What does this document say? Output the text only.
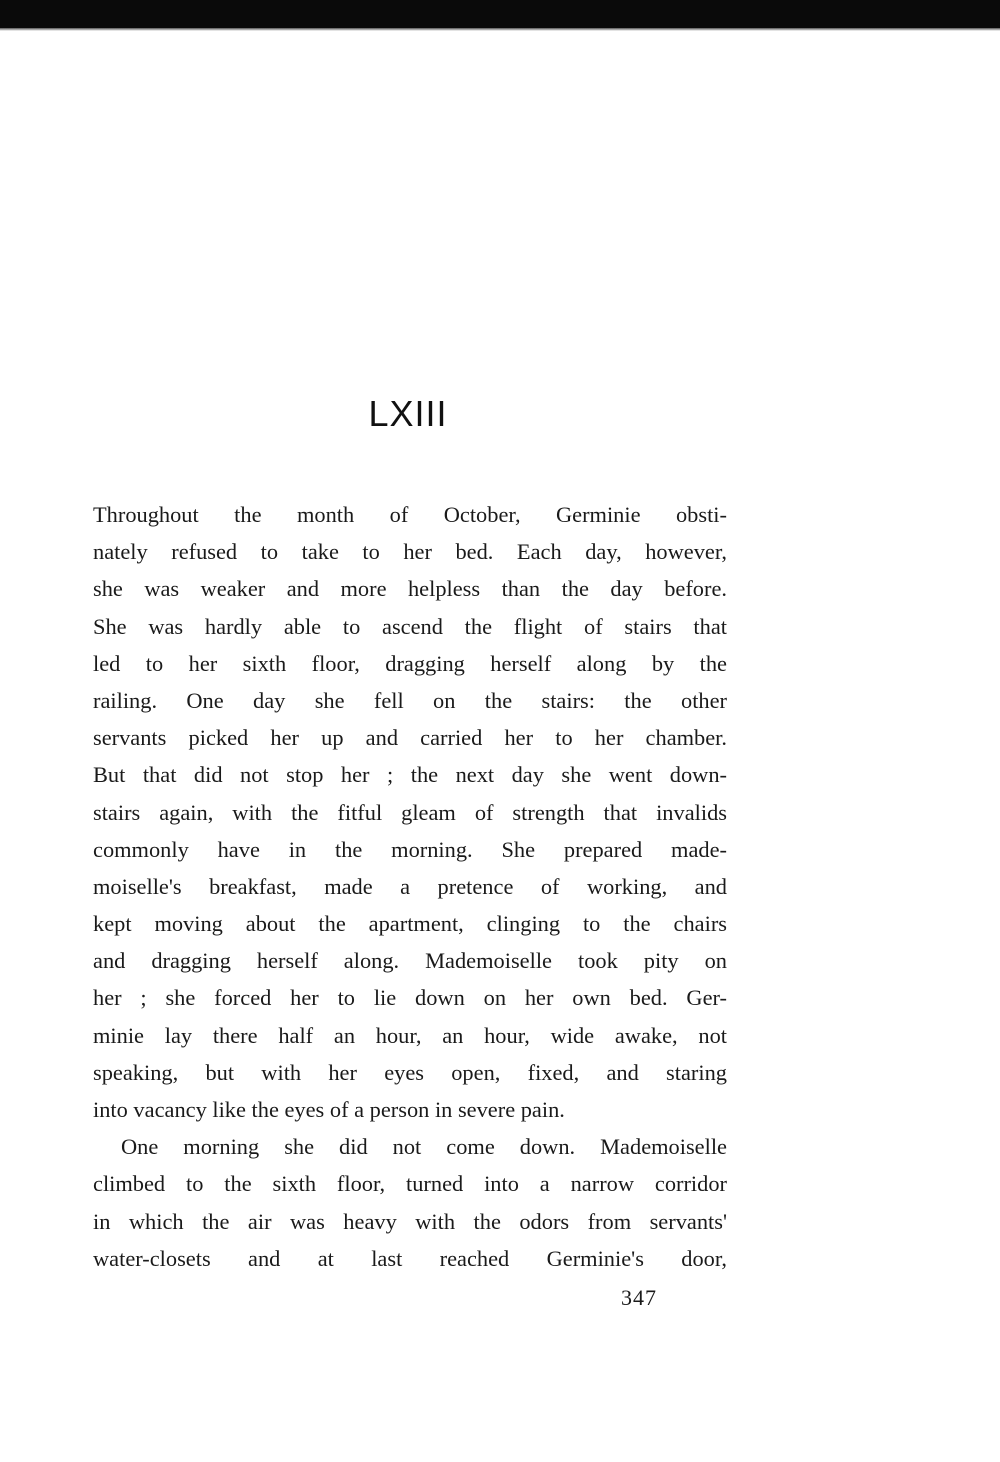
LXIII
Throughout the month of October, Germinie obsti-
nately refused to take to her bed. Each day, however,
she was weaker and more helpless than the day before.
She was hardly able to ascend the flight of stairs that
led to her sixth floor, dragging herself along by the
railing. One day she fell on the stairs: the other
servants picked her up and carried her to her chamber.
But that did not stop her ; the next day she went down-
stairs again, with the fitful gleam of strength that invalids
commonly have in the morning. She prepared made-
moiselle's breakfast, made a pretence of working, and
kept moving about the apartment, clinging to the chairs
and dragging herself along. Mademoiselle took pity on
her ; she forced her to lie down on her own bed. Ger-
minie lay there half an hour, an hour, wide awake, not
speaking, but with her eyes open, fixed, and staring
into vacancy like the eyes of a person in severe pain.
One morning she did not come down. Mademoiselle
climbed to the sixth floor, turned into a narrow corridor
in which the air was heavy with the odors from servants'
water-closets and at last reached Germinie's door,
347
